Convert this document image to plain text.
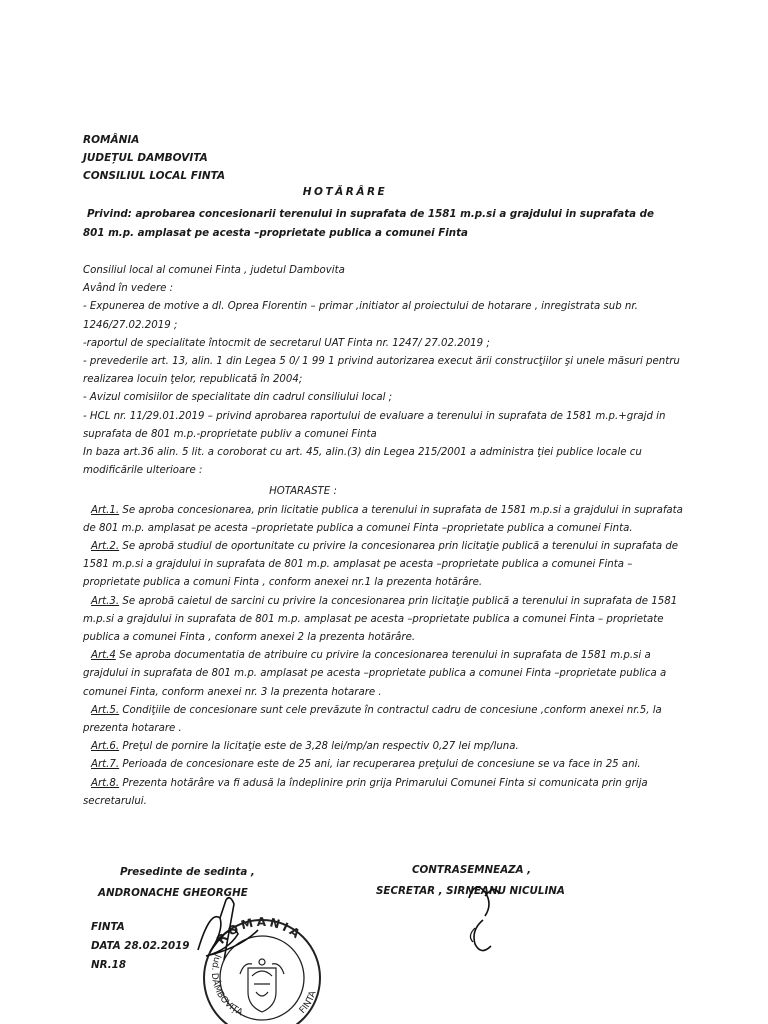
ROMÂNIA
JUDEȚUL DAMBOVITA
CONSILIUL LOCAL FINTA
HOTĂRÂRE
Privind: aprobarea concesionarii terenului in suprafata de 1581 m.p.si a grajdului in suprafata de 801 m.p. amplasat pe acesta –proprietate publica a comunei Finta

Consiliul local al comunei Finta , judetul Dambovita

Având în vedere :

- Expunerea de motive a dl. Oprea Florentin – primar ,initiator al proiectului de hotarare , inregistrata sub nr. 1246/27.02.2019 ;

-raportul de specialitate întocmit de secretarul UAT Finta nr. 1247/ 27.02.2019 ;

- prevederile art. 13, alin. 1 din Legea 5 0/ 1 99 1 privind autorizarea execut ării construcţiilor şi unele măsuri pentru realizarea locuin ţelor, republicată în 2004;

- Avizul comisiilor de specialitate din cadrul consiliului local ;

- HCL nr. 11/29.01.2019 – privind aprobarea raportului de evaluare a terenului in suprafata de 1581 m.p.+grajd in suprafata de 801 m.p.-proprietate publiv a comunei Finta

In baza art.36 alin. 5 lit. a coroborat cu art. 45, alin.(3) din Legea 215/2001 a administra ţiei publice locale cu modificările ulterioare :

HOTARASTE :

Art.1. Se aproba concesionarea, prin licitatie publica a terenului in suprafata de 1581 m.p.si a grajdului in suprafata de 801 m.p. amplasat pe acesta –proprietate publica a comunei Finta –proprietate publica a comunei Finta.

Art.2. Se aprobă studiul de oportunitate cu privire la concesionarea prin licitaţie publică a terenului in suprafata de 1581 m.p.si a grajdului in suprafata de 801 m.p. amplasat pe acesta –proprietate publica a comunei Finta – proprietate publica a comuni Finta , conform anexei nr.1 la prezenta hotărâre.

Art.3. Se aprobă caietul de sarcini cu privire la concesionarea prin licitaţie publică a terenului in suprafata de 1581 m.p.si a grajdului in suprafata de 801 m.p. amplasat pe acesta –proprietate publica a comunei Finta – proprietate publica a comunei Finta , conform anexei 2 la prezenta hotărâre.

Art.4 Se aproba documentatia de atribuire cu privire la concesionarea terenului in suprafata de 1581 m.p.si a grajdului in suprafata de 801 m.p. amplasat pe acesta –proprietate publica a comunei Finta –proprietate publica a comunei Finta, conform anexei nr. 3 la prezenta hotarare .

Art.5. Condiţiile de concesionare sunt cele prevăzute în contractul cadru de concesiune ,conform anexei nr.5, la prezenta hotarare .

Art.6. Preţul de pornire la licitaţie este de 3,28 lei/mp/an respectiv 0,27 lei mp/luna.

Art.7. Perioada de concesionare este de 25 ani, iar recuperarea preţului de concesiune se va face in 25 ani.

Art.8. Prezenta hotărâre va fi adusă la îndeplinire prin grija Primarului Comunei Finta si comunicata prin grija secretarului.

Presedinte de sedinta ,
ANDRONACHE GHEORGHE
CONTRASEMNEAZA ,
SECRETAR , SIRNEANU NICULINA
FINTA
DATA 28.02.2019
NR.18
ROMANIA
Jud. DÂMBOVIȚA	FINTA
